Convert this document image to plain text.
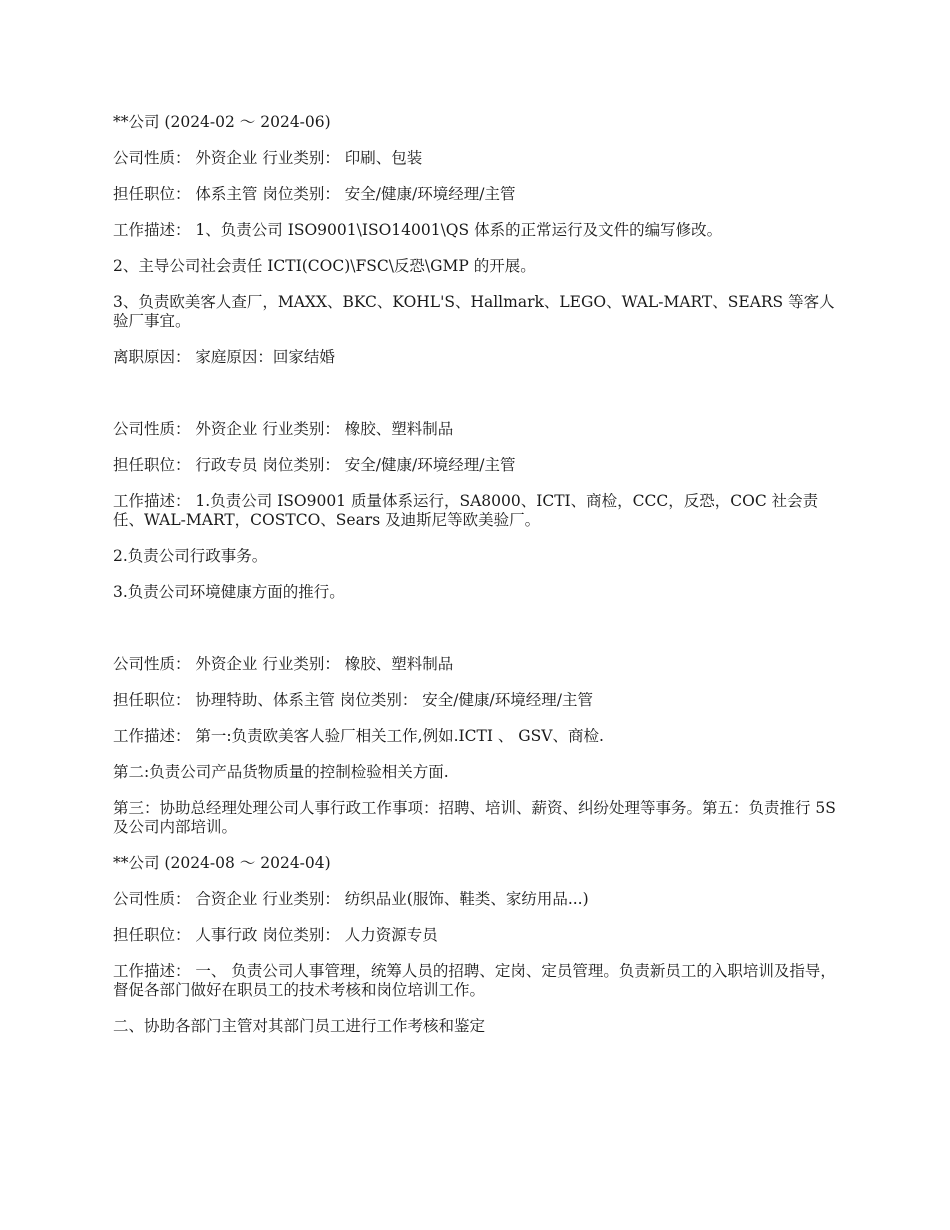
**公司 (2024-02 ～ 2024-06)

公司性质： 外资企业 行业类别： 印刷、包装

担任职位： 体系主管 岗位类别： 安全/健康/环境经理/主管

工作描述： 1、负责公司 ISO9001\ISO14001\QS 体系的正常运行及文件的编写修改。

2、主导公司社会责任 ICTI(COC)\FSC\反恐\GMP 的开展。

3、负责欧美客人查厂，MAXX、BKC、KOHL'S、Hallmark、LEGO、WAL-MART、SEARS 等客人验厂事宜。

离职原因： 家庭原因：回家结婚

公司性质： 外资企业 行业类别： 橡胶、塑料制品

担任职位： 行政专员 岗位类别： 安全/健康/环境经理/主管

工作描述： 1.负责公司 ISO9001 质量体系运行，SA8000、ICTI、商检，CCC，反恐，COC 社会责任、WAL-MART，COSTCO、Sears 及迪斯尼等欧美验厂。

2.负责公司行政事务。

3.负责公司环境健康方面的推行。

公司性质： 外资企业 行业类别： 橡胶、塑料制品

担任职位： 协理特助、体系主管 岗位类别： 安全/健康/环境经理/主管

工作描述： 第一:负责欧美客人验厂相关工作,例如.ICTI 、 GSV、商检.

第二:负责公司产品货物质量的控制检验相关方面.

第三：协助总经理处理公司人事行政工作事项：招聘、培训、薪资、纠纷处理等事务。第五：负责推行 5S 及公司内部培训。

**公司 (2024-08 ～ 2024-04)

公司性质： 合资企业 行业类别： 纺织品业(服饰、鞋类、家纺用品...)

担任职位： 人事行政 岗位类别： 人力资源专员

工作描述： 一、 负责公司人事管理，统筹人员的招聘、定岗、定员管理。负责新员工的入职培训及指导，督促各部门做好在职员工的技术考核和岗位培训工作。

二、协助各部门主管对其部门员工进行工作考核和鉴定
